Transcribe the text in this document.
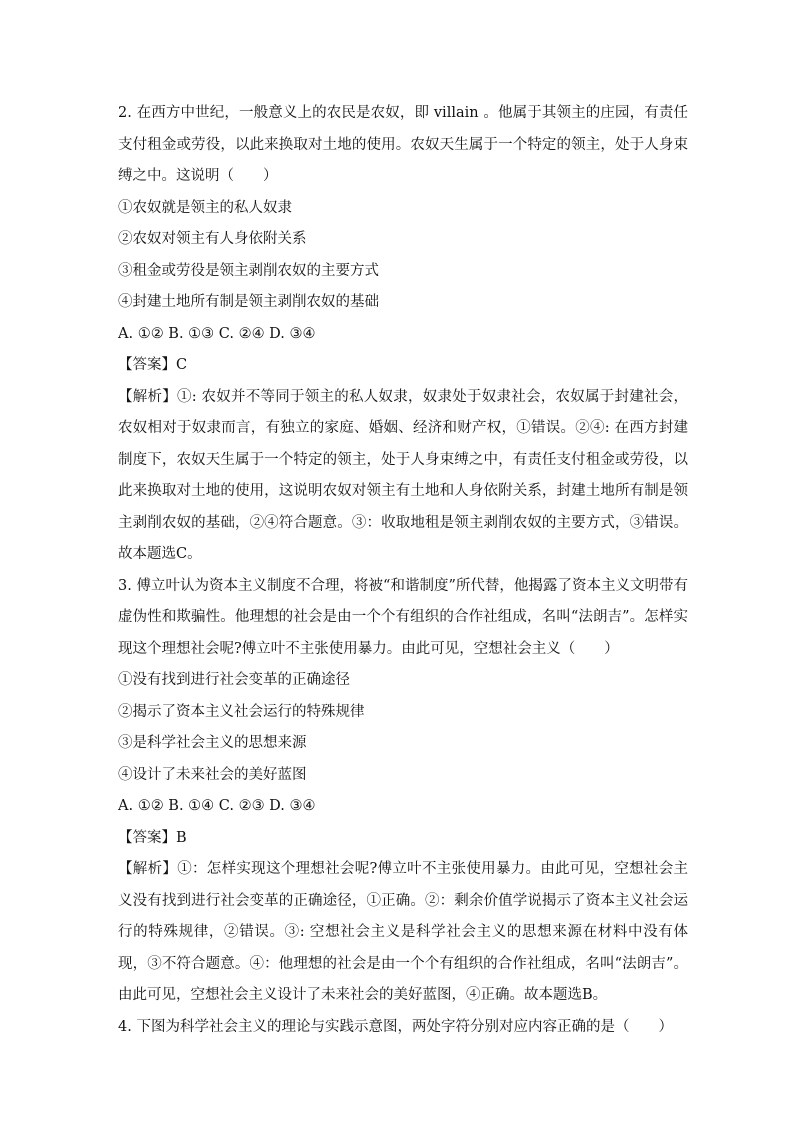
2. 在西方中世纪，一般意义上的农民是农奴，即 villain 。他属于其领主的庄园，有责任支付租金或劳役，以此来换取对土地的使用。农奴天生属于一个特定的领主，处于人身束缚之中。这说明（　　）

①农奴就是领主的私人奴隶

②农奴对领主有人身依附关系

③租金或劳役是领主剥削农奴的主要方式

④封建土地所有制是领主剥削农奴的基础

A. ①② B. ①③ C. ②④ D. ③④

【答案】C

【解析】①: 农奴并不等同于领主的私人奴隶，奴隶处于奴隶社会，农奴属于封建社会，农奴相对于奴隶而言，有独立的家庭、婚姻、经济和财产权，①错误。②④: 在西方封建制度下，农奴天生属于一个特定的领主，处于人身束缚之中，有责任支付租金或劳役，以此来换取对土地的使用，这说明农奴对领主有土地和人身依附关系，封建土地所有制是领主剥削农奴的基础，②④符合题意。③：收取地租是领主剥削农奴的主要方式，③错误。故本题选C。

3. 傅立叶认为资本主义制度不合理，将被“和谐制度”所代替，他揭露了资本主义文明带有虚伪性和欺骗性。他理想的社会是由一个个有组织的合作社组成，名叫“法朗吉”。怎样实现这个理想社会呢?傅立叶不主张使用暴力。由此可见，空想社会主义（　　）

①没有找到进行社会变革的正确途径

②揭示了资本主义社会运行的特殊规律

③是科学社会主义的思想来源

④设计了未来社会的美好蓝图

A. ①② B. ①④ C. ②③ D. ③④

【答案】B

【解析】①：怎样实现这个理想社会呢?傅立叶不主张使用暴力。由此可见，空想社会主义没有找到进行社会变革的正确途径，①正确。②：剩余价值学说揭示了资本主义社会运行的特殊规律，②错误。③: 空想社会主义是科学社会主义的思想来源在材料中没有体现，③不符合题意。④：他理想的社会是由一个个有组织的合作社组成，名叫“法朗吉”。由此可见，空想社会主义设计了未来社会的美好蓝图，④正确。故本题选B。

4. 下图为科学社会主义的理论与实践示意图，两处字符分别对应内容正确的是（　　）
